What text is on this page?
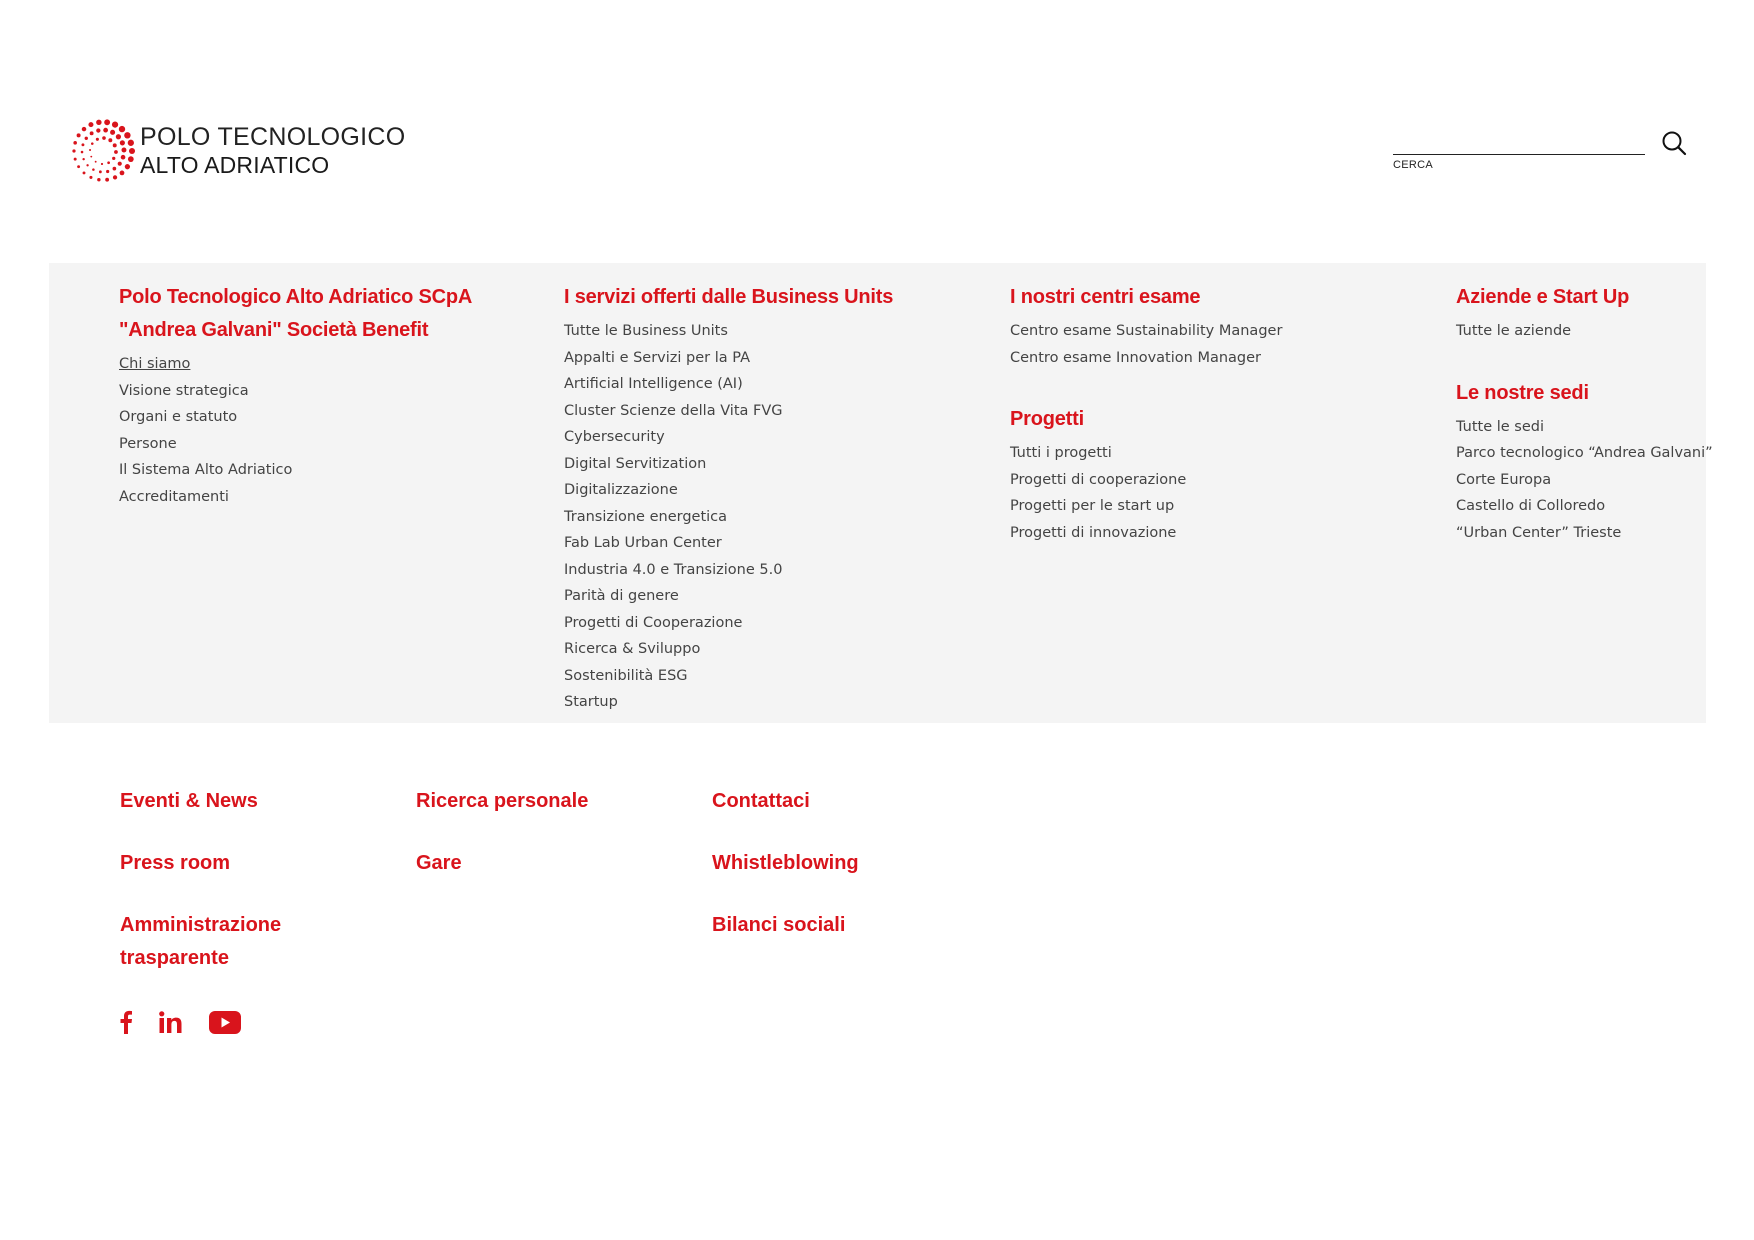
POLO TECNOLOGICO
ALTO ADRIATICO	CERCA
Polo Tecnologico Alto Adriatico SCpA "Andrea Galvani" Società Benefit
Chi siamo
Visione strategica
Organi e statuto
Persone
Il Sistema Alto Adriatico
Accreditamenti
I servizi offerti dalle Business Units
Tutte le Business Units
Appalti e Servizi per la PA
Artificial Intelligence (AI)
Cluster Scienze della Vita FVG
Cybersecurity
Digital Servitization
Digitalizzazione
Transizione energetica
Fab Lab Urban Center
Industria 4.0 e Transizione 5.0
Parità di genere
Progetti di Cooperazione
Ricerca & Sviluppo
Sostenibilità ESG
Startup
I nostri centri esame
Centro esame Sustainability Manager
Centro esame Innovation Manager
Progetti
Tutti i progetti
Progetti di cooperazione
Progetti per le start up
Progetti di innovazione
Aziende e Start Up
Tutte le aziende
Le nostre sedi
Tutte le sedi
Parco tecnologico “Andrea Galvani”
Corte Europa
Castello di Colloredo
“Urban Center” Trieste
Eventi & News
Press room
Amministrazione trasparente
Ricerca personale
Gare
Contattaci
Whistleblowing
Bilanci sociali
